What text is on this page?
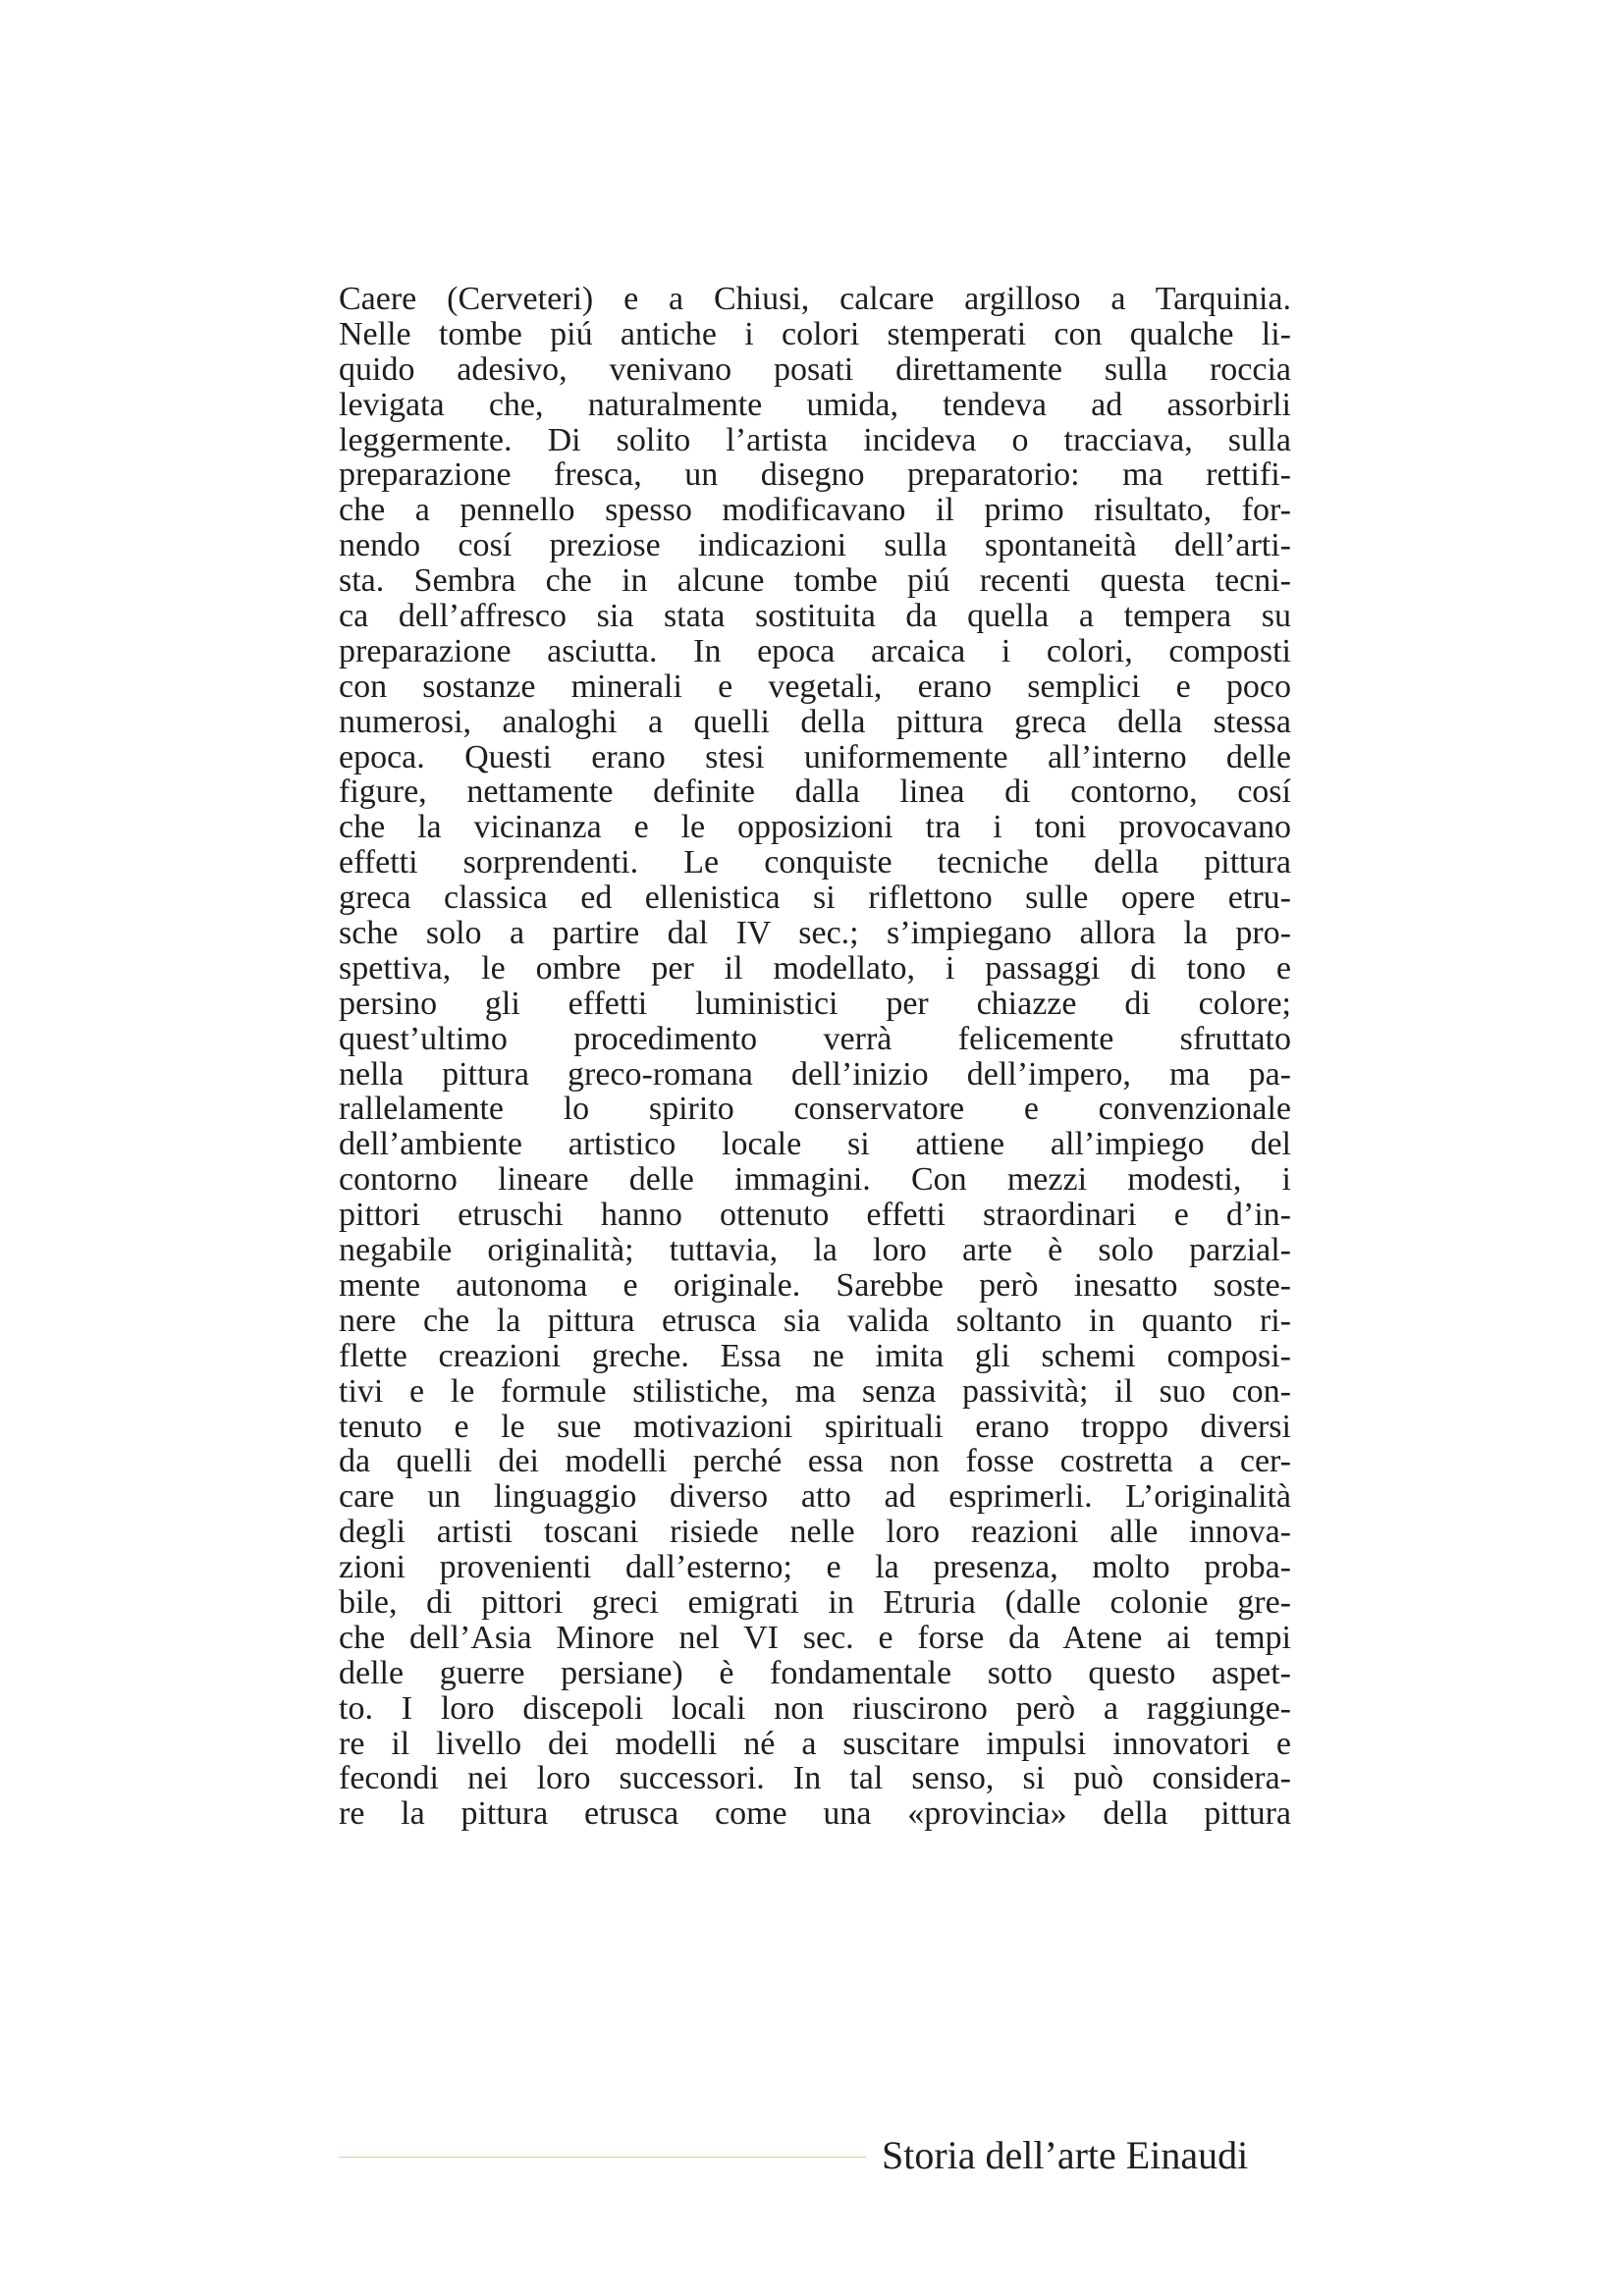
Caere (Cerveteri) e a Chiusi, calcare argilloso a Tarquinia.
Nelle tombe piú antiche i colori stemperati con qualche li-
quido adesivo, venivano posati direttamente sulla roccia
levigata che, naturalmente umida, tendeva ad assorbirli
leggermente. Di solito l’artista incideva o tracciava, sulla
preparazione fresca, un disegno preparatorio: ma rettifi-
che a pennello spesso modificavano il primo risultato, for-
nendo cosí preziose indicazioni sulla spontaneità dell’arti-
sta. Sembra che in alcune tombe piú recenti questa tecni-
ca dell’affresco sia stata sostituita da quella a tempera su
preparazione asciutta. In epoca arcaica i colori, composti
con sostanze minerali e vegetali, erano semplici e poco
numerosi, analoghi a quelli della pittura greca della stessa
epoca. Questi erano stesi uniformemente all’interno delle
figure, nettamente definite dalla linea di contorno, cosí
che la vicinanza e le opposizioni tra i toni provocavano
effetti sorprendenti. Le conquiste tecniche della pittura
greca classica ed ellenistica si riflettono sulle opere etru-
sche solo a partire dal IV sec.; s’impiegano allora la pro-
spettiva, le ombre per il modellato, i passaggi di tono e
persino gli effetti luministici per chiazze di colore;
quest’ultimo procedimento verrà felicemente sfruttato
nella pittura greco-romana dell’inizio dell’impero, ma pa-
rallelamente lo spirito conservatore e convenzionale
dell’ambiente artistico locale si attiene all’impiego del
contorno lineare delle immagini. Con mezzi modesti, i
pittori etruschi hanno ottenuto effetti straordinari e d’in-
negabile originalità; tuttavia, la loro arte è solo parzial-
mente autonoma e originale. Sarebbe però inesatto soste-
nere che la pittura etrusca sia valida soltanto in quanto ri-
flette creazioni greche. Essa ne imita gli schemi composi-
tivi e le formule stilistiche, ma senza passività; il suo con-
tenuto e le sue motivazioni spirituali erano troppo diversi
da quelli dei modelli perché essa non fosse costretta a cer-
care un linguaggio diverso atto ad esprimerli. L’originalità
degli artisti toscani risiede nelle loro reazioni alle innova-
zioni provenienti dall’esterno; e la presenza, molto proba-
bile, di pittori greci emigrati in Etruria (dalle colonie gre-
che dell’Asia Minore nel VI sec. e forse da Atene ai tempi
delle guerre persiane) è fondamentale sotto questo aspet-
to. I loro discepoli locali non riuscirono però a raggiunge-
re il livello dei modelli né a suscitare impulsi innovatori e
fecondi nei loro successori. In tal senso, si può considera-
re la pittura etrusca come una «provincia» della pittura
Storia dell’arte Einaudi
